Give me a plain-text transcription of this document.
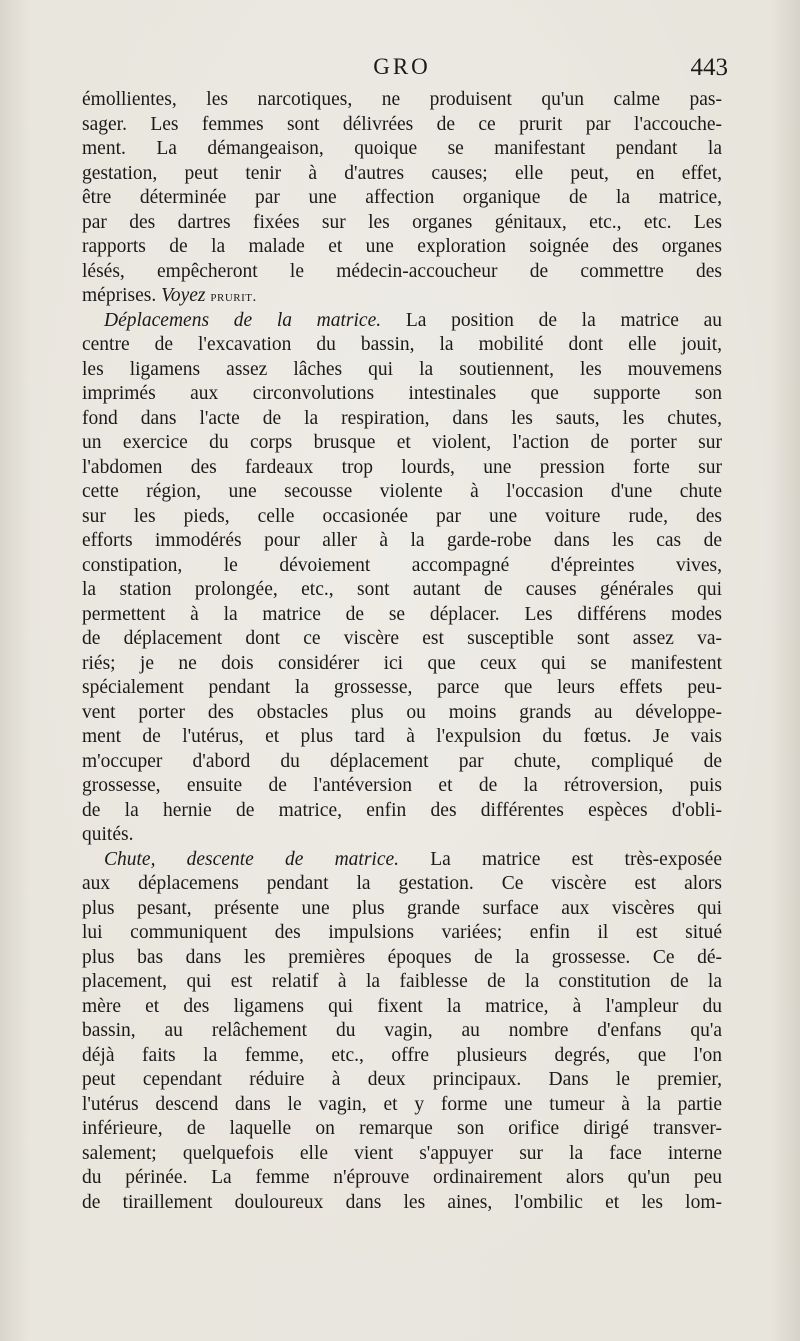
GRO	443
émollientes, les narcotiques, ne produisent qu'un calme pas-
sager. Les femmes sont délivrées de ce prurit par l'accouche-
ment. La démangeaison, quoique se manifestant pendant la
gestation, peut tenir à d'autres causes; elle peut, en effet,
être déterminée par une affection organique de la matrice,
par des dartres fixées sur les organes génitaux, etc., etc. Les
rapports de la malade et une exploration soignée des organes
lésés, empêcheront le médecin-accoucheur de commettre des
méprises. Voyez prurit.
Déplacemens de la matrice. La position de la matrice au
centre de l'excavation du bassin, la mobilité dont elle jouit,
les ligamens assez lâches qui la soutiennent, les mouvemens
imprimés aux circonvolutions intestinales que supporte son
fond dans l'acte de la respiration, dans les sauts, les chutes,
un exercice du corps brusque et violent, l'action de porter sur
l'abdomen des fardeaux trop lourds, une pression forte sur
cette région, une secousse violente à l'occasion d'une chute
sur les pieds, celle occasionée par une voiture rude, des
efforts immodérés pour aller à la garde-robe dans les cas de
constipation, le dévoiement accompagné d'épreintes vives,
la station prolongée, etc., sont autant de causes générales qui
permettent à la matrice de se déplacer. Les différens modes
de déplacement dont ce viscère est susceptible sont assez va-
riés; je ne dois considérer ici que ceux qui se manifestent
spécialement pendant la grossesse, parce que leurs effets peu-
vent porter des obstacles plus ou moins grands au développe-
ment de l'utérus, et plus tard à l'expulsion du fœtus. Je vais
m'occuper d'abord du déplacement par chute, compliqué de
grossesse, ensuite de l'antéversion et de la rétroversion, puis
de la hernie de matrice, enfin des différentes espèces d'obli-
quités.
Chute, descente de matrice. La matrice est très-exposée
aux déplacemens pendant la gestation. Ce viscère est alors
plus pesant, présente une plus grande surface aux viscères qui
lui communiquent des impulsions variées; enfin il est situé
plus bas dans les premières époques de la grossesse. Ce dé-
placement, qui est relatif à la faiblesse de la constitution de la
mère et des ligamens qui fixent la matrice, à l'ampleur du
bassin, au relâchement du vagin, au nombre d'enfans qu'a
déjà faits la femme, etc., offre plusieurs degrés, que l'on
peut cependant réduire à deux principaux. Dans le premier,
l'utérus descend dans le vagin, et y forme une tumeur à la partie
inférieure, de laquelle on remarque son orifice dirigé transver-
salement; quelquefois elle vient s'appuyer sur la face interne
du périnée. La femme n'éprouve ordinairement alors qu'un peu
de tiraillement douloureux dans les aines, l'ombilic et les lom-
